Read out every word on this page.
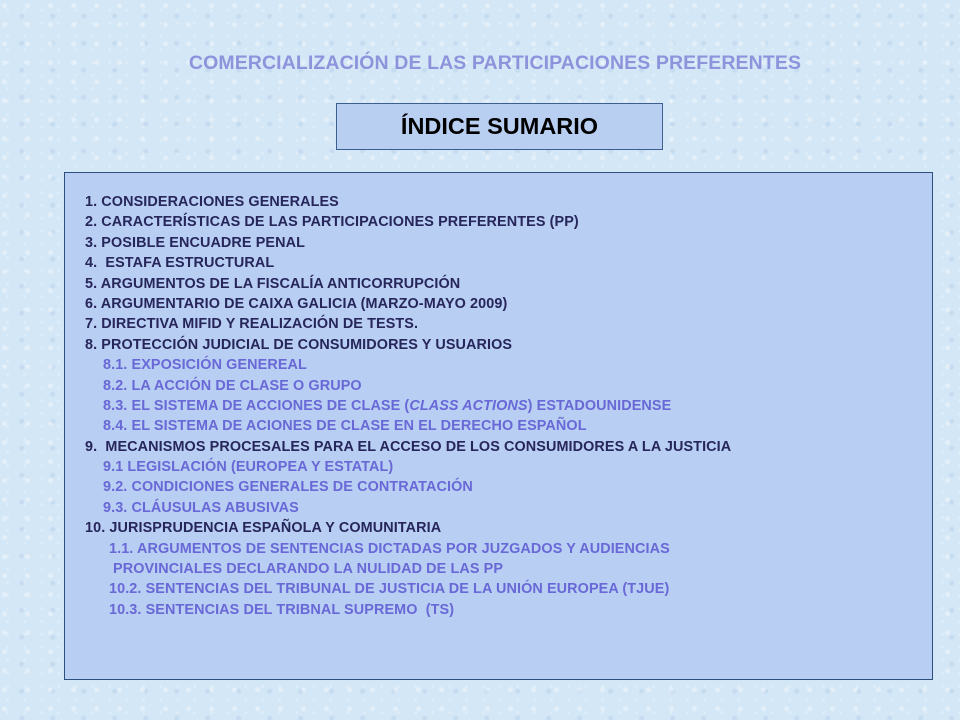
COMERCIALIZACIÓN DE LAS PARTICIPACIONES PREFERENTES
ÍNDICE SUMARIO
1. CONSIDERACIONES GENERALES
2. CARACTERÍSTICAS DE LAS PARTICIPACIONES PREFERENTES (PP)
3. POSIBLE ENCUADRE PENAL
4.  ESTAFA ESTRUCTURAL
5. ARGUMENTOS DE LA FISCALÍA ANTICORRUPCIÓN
6. ARGUMENTARIO DE CAIXA GALICIA (MARZO-MAYO 2009)
7. DIRECTIVA MIFID Y REALIZACIÓN DE TESTS.
8. PROTECCIÓN JUDICIAL DE CONSUMIDORES Y USUARIOS
8.1. EXPOSICIÓN GENEREAL
8.2. LA ACCIÓN DE CLASE O GRUPO
8.3. EL SISTEMA DE ACCIONES DE CLASE (CLASS ACTIONS) ESTADOUNIDENSE
8.4. EL SISTEMA DE ACIONES DE CLASE EN EL DERECHO ESPAÑOL
9.  MECANISMOS PROCESALES PARA EL ACCESO DE LOS CONSUMIDORES A LA JUSTICIA
9.1 LEGISLACIÓN (EUROPEA Y ESTATAL)
9.2. CONDICIONES GENERALES DE CONTRATACIÓN
9.3. CLÁUSULAS ABUSIVAS
10. JURISPRUDENCIA ESPAÑOLA Y COMUNITARIA
1.1. ARGUMENTOS DE SENTENCIAS DICTADAS POR JUZGADOS Y AUDIENCIAS
PROVINCIALES DECLARANDO LA NULIDAD DE LAS PP
10.2. SENTENCIAS DEL TRIBUNAL DE JUSTICIA DE LA UNIÓN EUROPEA (TJUE)
10.3. SENTENCIAS DEL TRIBNAL SUPREMO  (TS)
